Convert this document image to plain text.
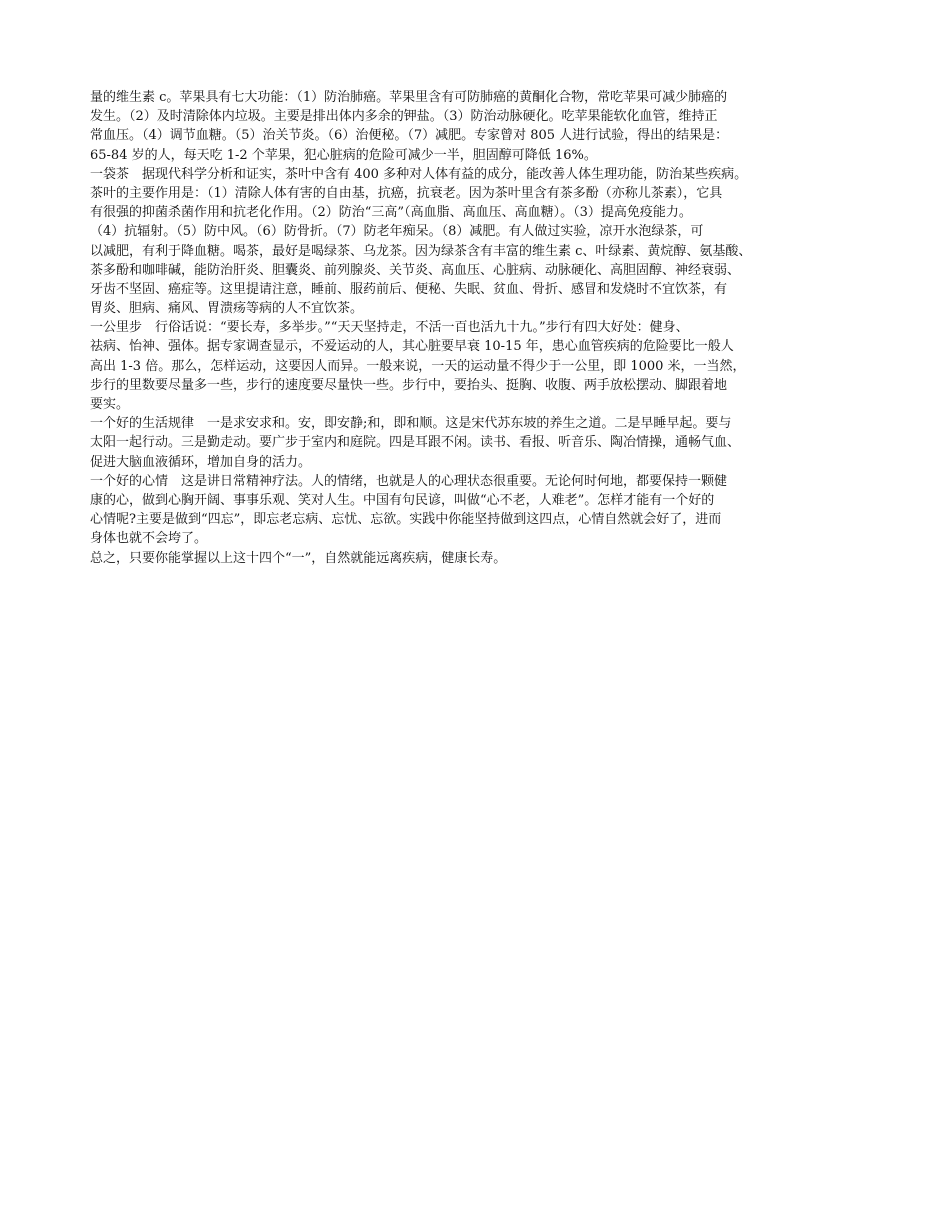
量的维生素 c。苹果具有七大功能：（1）防治肺癌。苹果里含有可防肺癌的黄酮化合物，常吃苹果可减少肺癌的
发生。（2）及时清除体内垃圾。主要是排出体内多余的钾盐。（3）防治动脉硬化。吃苹果能软化血管，维持正
常血压。（4）调节血糖。（5）治关节炎。（6）治便秘。（7）减肥。专家曾对 805 人进行试验，得出的结果是：
65-84 岁的人，每天吃 1-2 个苹果，犯心脏病的危险可减少一半，胆固醇可降低 16%。
一袋茶　据现代科学分析和证实，茶叶中含有 400 多种对人体有益的成分，能改善人体生理功能，防治某些疾病。
茶叶的主要作用是：（1）清除人体有害的自由基，抗癌，抗衰老。因为茶叶里含有茶多酚（亦称儿茶素），它具
有很强的抑菌杀菌作用和抗老化作用。（2）防治“三高”（高血脂、高血压、高血糖）。（3）提高免疫能力。
（4）抗辐射。（5）防中风。（6）防骨折。（7）防老年痴呆。（8）减肥。有人做过实验，凉开水泡绿茶，可
以减肥，有利于降血糖。喝茶，最好是喝绿茶、乌龙茶。因为绿茶含有丰富的维生素 c、叶绿素、黄烷醇、氨基酸、
茶多酚和咖啡碱，能防治肝炎、胆囊炎、前列腺炎、关节炎、高血压、心脏病、动脉硬化、高胆固醇、神经衰弱、
牙齿不坚固、癌症等。这里提请注意，睡前、服药前后、便秘、失眠、贫血、骨折、感冒和发烧时不宜饮茶，有
胃炎、胆病、痛风、胃溃疡等病的人不宜饮茶。
一公里步　行俗话说：“要长寿，多举步。”“天天坚持走，不活一百也活九十九。”步行有四大好处：健身、
祛病、怡神、强体。据专家调查显示，不爱运动的人，其心脏要早衰 10-15 年，患心血管疾病的危险要比一般人
高出 1-3 倍。那么，怎样运动，这要因人而异。一般来说，一天的运动量不得少于一公里，即 1000 米，一当然，
步行的里数要尽量多一些，步行的速度要尽量快一些。步行中，要抬头、挺胸、收腹、两手放松摆动、脚跟着地
要实。
一个好的生活规律　一是求安求和。安，即安静;和，即和顺。这是宋代苏东坡的养生之道。二是早睡早起。要与
太阳一起行动。三是勤走动。要广步于室内和庭院。四是耳跟不闲。读书、看报、听音乐、陶冶情操，通畅气血、
促进大脑血液循环，增加自身的活力。
一个好的心情　这是讲日常精神疗法。人的情绪，也就是人的心理状态很重要。无论何时何地，都要保持一颗健
康的心，做到心胸开阔、事事乐观、笑对人生。中国有句民谚，叫做“心不老，人难老”。怎样才能有一个好的
心情呢?主要是做到“四忘”，即忘老忘病、忘忧、忘欲。实践中你能坚持做到这四点，心情自然就会好了，进而
身体也就不会垮了。
总之，只要你能掌握以上这十四个“一”，自然就能远离疾病，健康长寿。
